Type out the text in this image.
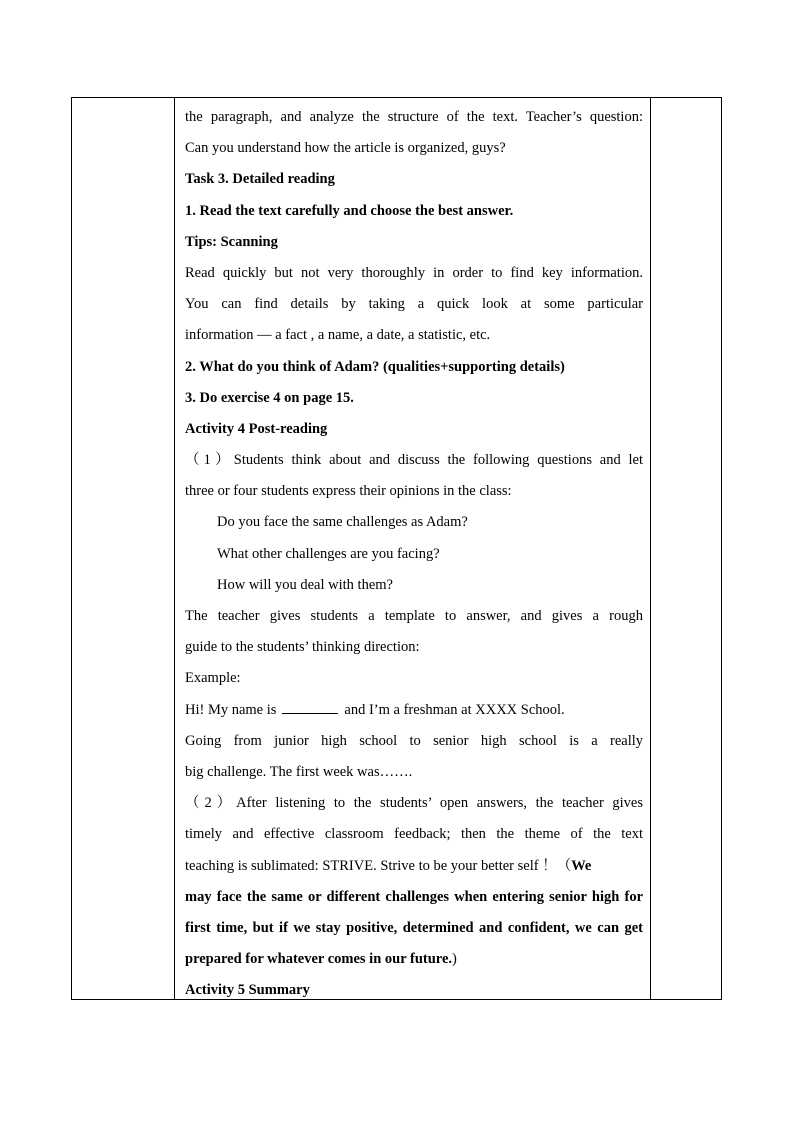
the paragraph, and analyze the structure of the text. Teacher’s question:
Can you understand how the article is organized, guys?
Task 3. Detailed reading
1. Read the text carefully and choose the best answer.
Tips: Scanning
Read quickly but not very thoroughly in order to find key information.
You can find details by taking a quick look at some particular
information — a fact , a name, a date, a statistic, etc.
2. What do you think of Adam? (qualities+supporting details)
3. Do exercise 4 on page 15.
Activity 4 Post-reading
（1）Students think about and discuss the following questions and let
three or four students express their opinions in the class:
Do you face the same challenges as Adam?
What other challenges are you facing?
How will you deal with them?
The teacher gives students a template to answer, and gives a rough
guide to the students’ thinking direction:
Example:
Hi! My name is	and I’m a freshman at XXXX School.
Going from junior high school to senior high school is a really
big challenge. The first week was…….
（2）After listening to the students’ open answers, the teacher gives
timely and effective classroom feedback; then the theme of the text
teaching is sublimated: STRIVE. Strive to be your better self ！（We
may face the same or different challenges when entering senior high for
first time, but if we stay positive, determined and confident, we can get
prepared for whatever comes in our future.)
Activity 5 Summary
